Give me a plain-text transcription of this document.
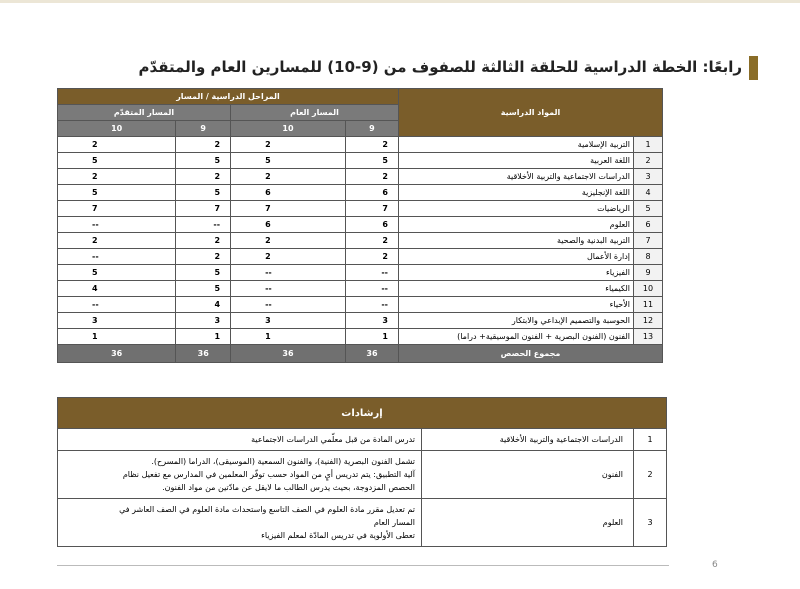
رابعًا: الخطة الدراسية للحلقة الثالثة للصفوف من (9-10) للمسارين العام والمتقدّم
المواد الدراسية		المراحل الدراسية / المسار			
		المسار العام		المسار المتقدّم	
		9	10	9	10
1	التربية الإسلامية	2	2	2	2
2	اللغة العربية	5	5	5	5
3	الدراسات الاجتماعية والتربية الأخلاقية	2	2	2	2
4	اللغة الإنجليزية	6	6	5	5
5	الرياضيات	7	7	7	7
6	العلوم	6	6	--	--
7	التربية البدنية والصحية	2	2	2	2
8	إدارة الأعمال	2	2	2	--
9	الفيزياء	--	--	5	5
10	الكيمياء	--	--	5	4
11	الأحياء	--	--	4	--
12	الحوسبة والتصميم الإبداعي والابتكار	3	3	3	3
13	الفنون (الفنون البصرية + الفنون الموسيقية+ دراما)	1	1	1	1
مجموع الحصص		36	36	36	36
إرشادات		
1	الدراسات الاجتماعية والتربية الأخلاقية	تدرس المادة من قبل معلّمي الدراسات الاجتماعية

2	الفنون	تشمل الفنون البصرية (الفنية)، والفنون السمعية (الموسيقى)، الدراما (المسرح).
آلية التطبيق: يتم تدريس أيٍ من المواد حسب توفّر المعلمين في المدارس مع تفعيل نظام
الحصص المزدوجة، بحيث يدرس الطالب ما لايقل عن مادّتين من مواد الفنون.

3	العلوم	تم تعديل مقرر مادة العلوم في الصف التاسع واستحداث مادة العلوم في الصف العاشر في
المسار العام
تعطى الأولوية في تدريس المادّة لمعلم الفيزياء
6
